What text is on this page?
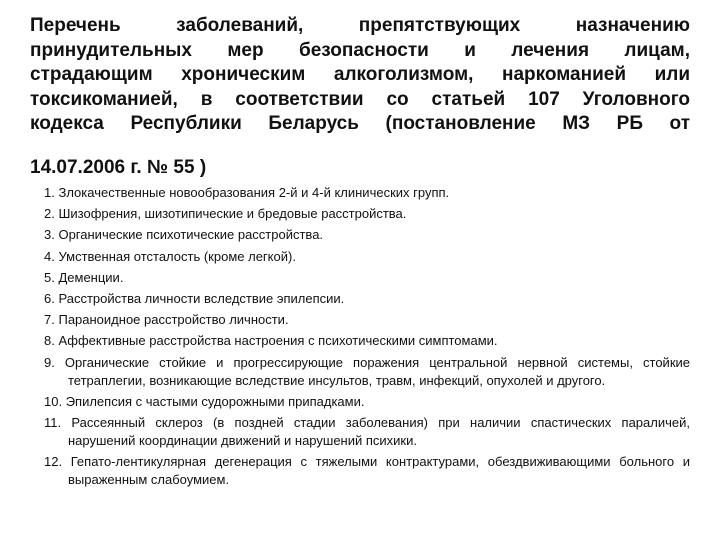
Перечень заболеваний, препятствующих назначению
принудительных мер безопасности и лечения лицам,
страдающим хроническим алкоголизмом, наркоманией или
токсикоманией, в соответствии со статьей 107 Уголовного
кодекса Республики Беларусь (постановление МЗ РБ от
14.07.2006 г. № 55 )
1. Злокачественные новообразования 2-й и 4-й клинических групп.
2. Шизофрения, шизотипические и бредовые расстройства.
3. Органические психотические расстройства.
4. Умственная отсталость (кроме легкой).
5. Деменции.
6. Расстройства личности вследствие эпилепсии.
7. Параноидное расстройство личности.
8. Аффективные расстройства настроения с психотическими симптомами.
9. Органические стойкие и прогрессирующие поражения центральной нервной системы, стойкие тетраплегии, возникающие вследствие инсультов, травм, инфекций, опухолей и другого.
10. Эпилепсия с частыми судорожными припадками.
11. Рассеянный склероз (в поздней стадии заболевания) при наличии спастических параличей, нарушений координации движений и нарушений психики.
12. Гепато-лентикулярная дегенерация с тяжелыми контрактурами, обездвиживающими больного и выраженным слабоумием.
